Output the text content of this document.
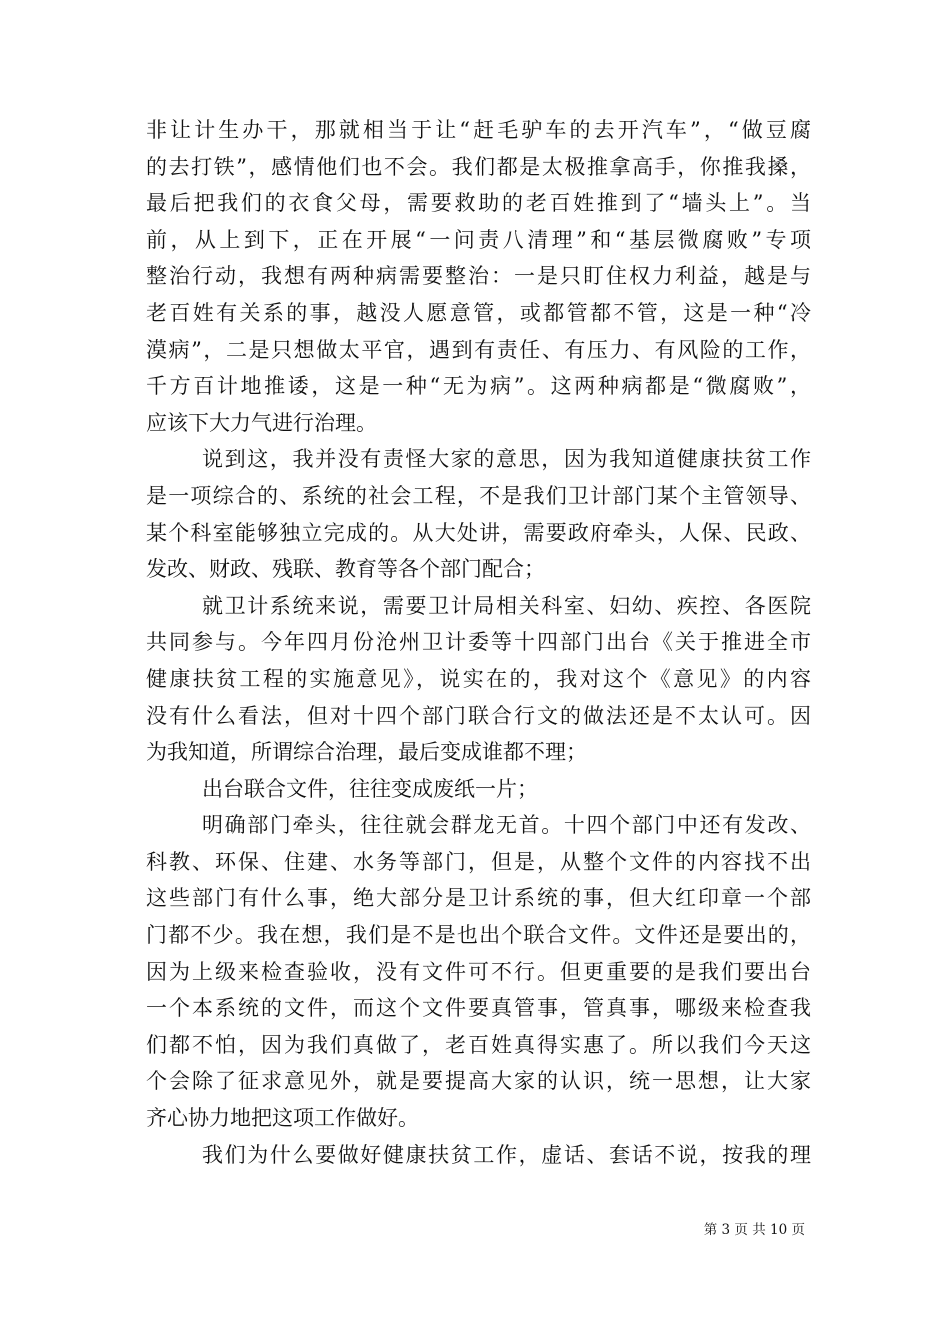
非让计生办干，那就相当于让“赶毛驴车的去开汽车”，“做豆腐
的去打铁”，感情他们也不会。我们都是太极推拿高手，你推我搡，
最后把我们的衣食父母，需要救助的老百姓推到了“墙头上”。当
前，从上到下，正在开展“一问责八清理”和“基层微腐败”专项
整治行动，我想有两种病需要整治：一是只盯住权力利益，越是与
老百姓有关系的事，越没人愿意管，或都管都不管，这是一种“冷
漠病”，二是只想做太平官，遇到有责任、有压力、有风险的工作，
千方百计地推诿，这是一种“无为病”。这两种病都是“微腐败”，
应该下大力气进行治理。
说到这，我并没有责怪大家的意思，因为我知道健康扶贫工作
是一项综合的、系统的社会工程，不是我们卫计部门某个主管领导、
某个科室能够独立完成的。从大处讲，需要政府牵头，人保、民政、
发改、财政、残联、教育等各个部门配合；
就卫计系统来说，需要卫计局相关科室、妇幼、疾控、各医院
共同参与。今年四月份沧州卫计委等十四部门出台《关于推进全市
健康扶贫工程的实施意见》，说实在的，我对这个《意见》的内容
没有什么看法，但对十四个部门联合行文的做法还是不太认可。因
为我知道，所谓综合治理，最后变成谁都不理；
出台联合文件，往往变成废纸一片；
明确部门牵头，往往就会群龙无首。十四个部门中还有发改、
科教、环保、住建、水务等部门，但是，从整个文件的内容找不出
这些部门有什么事，绝大部分是卫计系统的事，但大红印章一个部
门都不少。我在想，我们是不是也出个联合文件。文件还是要出的，
因为上级来检查验收，没有文件可不行。但更重要的是我们要出台
一个本系统的文件，而这个文件要真管事，管真事，哪级来检查我
们都不怕，因为我们真做了，老百姓真得实惠了。所以我们今天这
个会除了征求意见外，就是要提高大家的认识，统一思想，让大家
齐心协力地把这项工作做好。
我们为什么要做好健康扶贫工作，虚话、套话不说，按我的理
第 3 页 共 10 页
